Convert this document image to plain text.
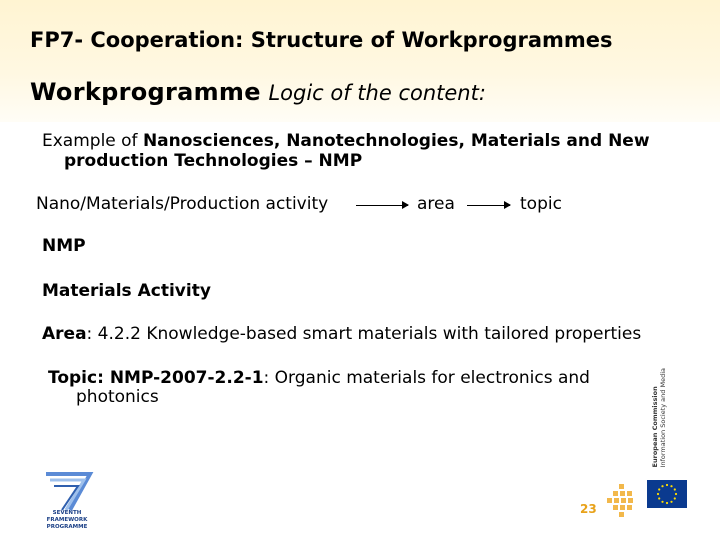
FP7- Cooperation: Structure of Workprogrammes
Workprogramme Logic of the content:
Example of Nanosciences, Nanotechnologies, Materials and New
production Technologies – NMP
Nano/Materials/Production activity	area	topic
NMP
Materials Activity
Area: 4.2.2 Knowledge-based smart materials with tailored properties
Topic: NMP-2007-2.2-1: Organic materials for electronics and
photonics
SEVENTH FRAMEWORK
PROGRAMME
23
European Commission
Information Society and Media
